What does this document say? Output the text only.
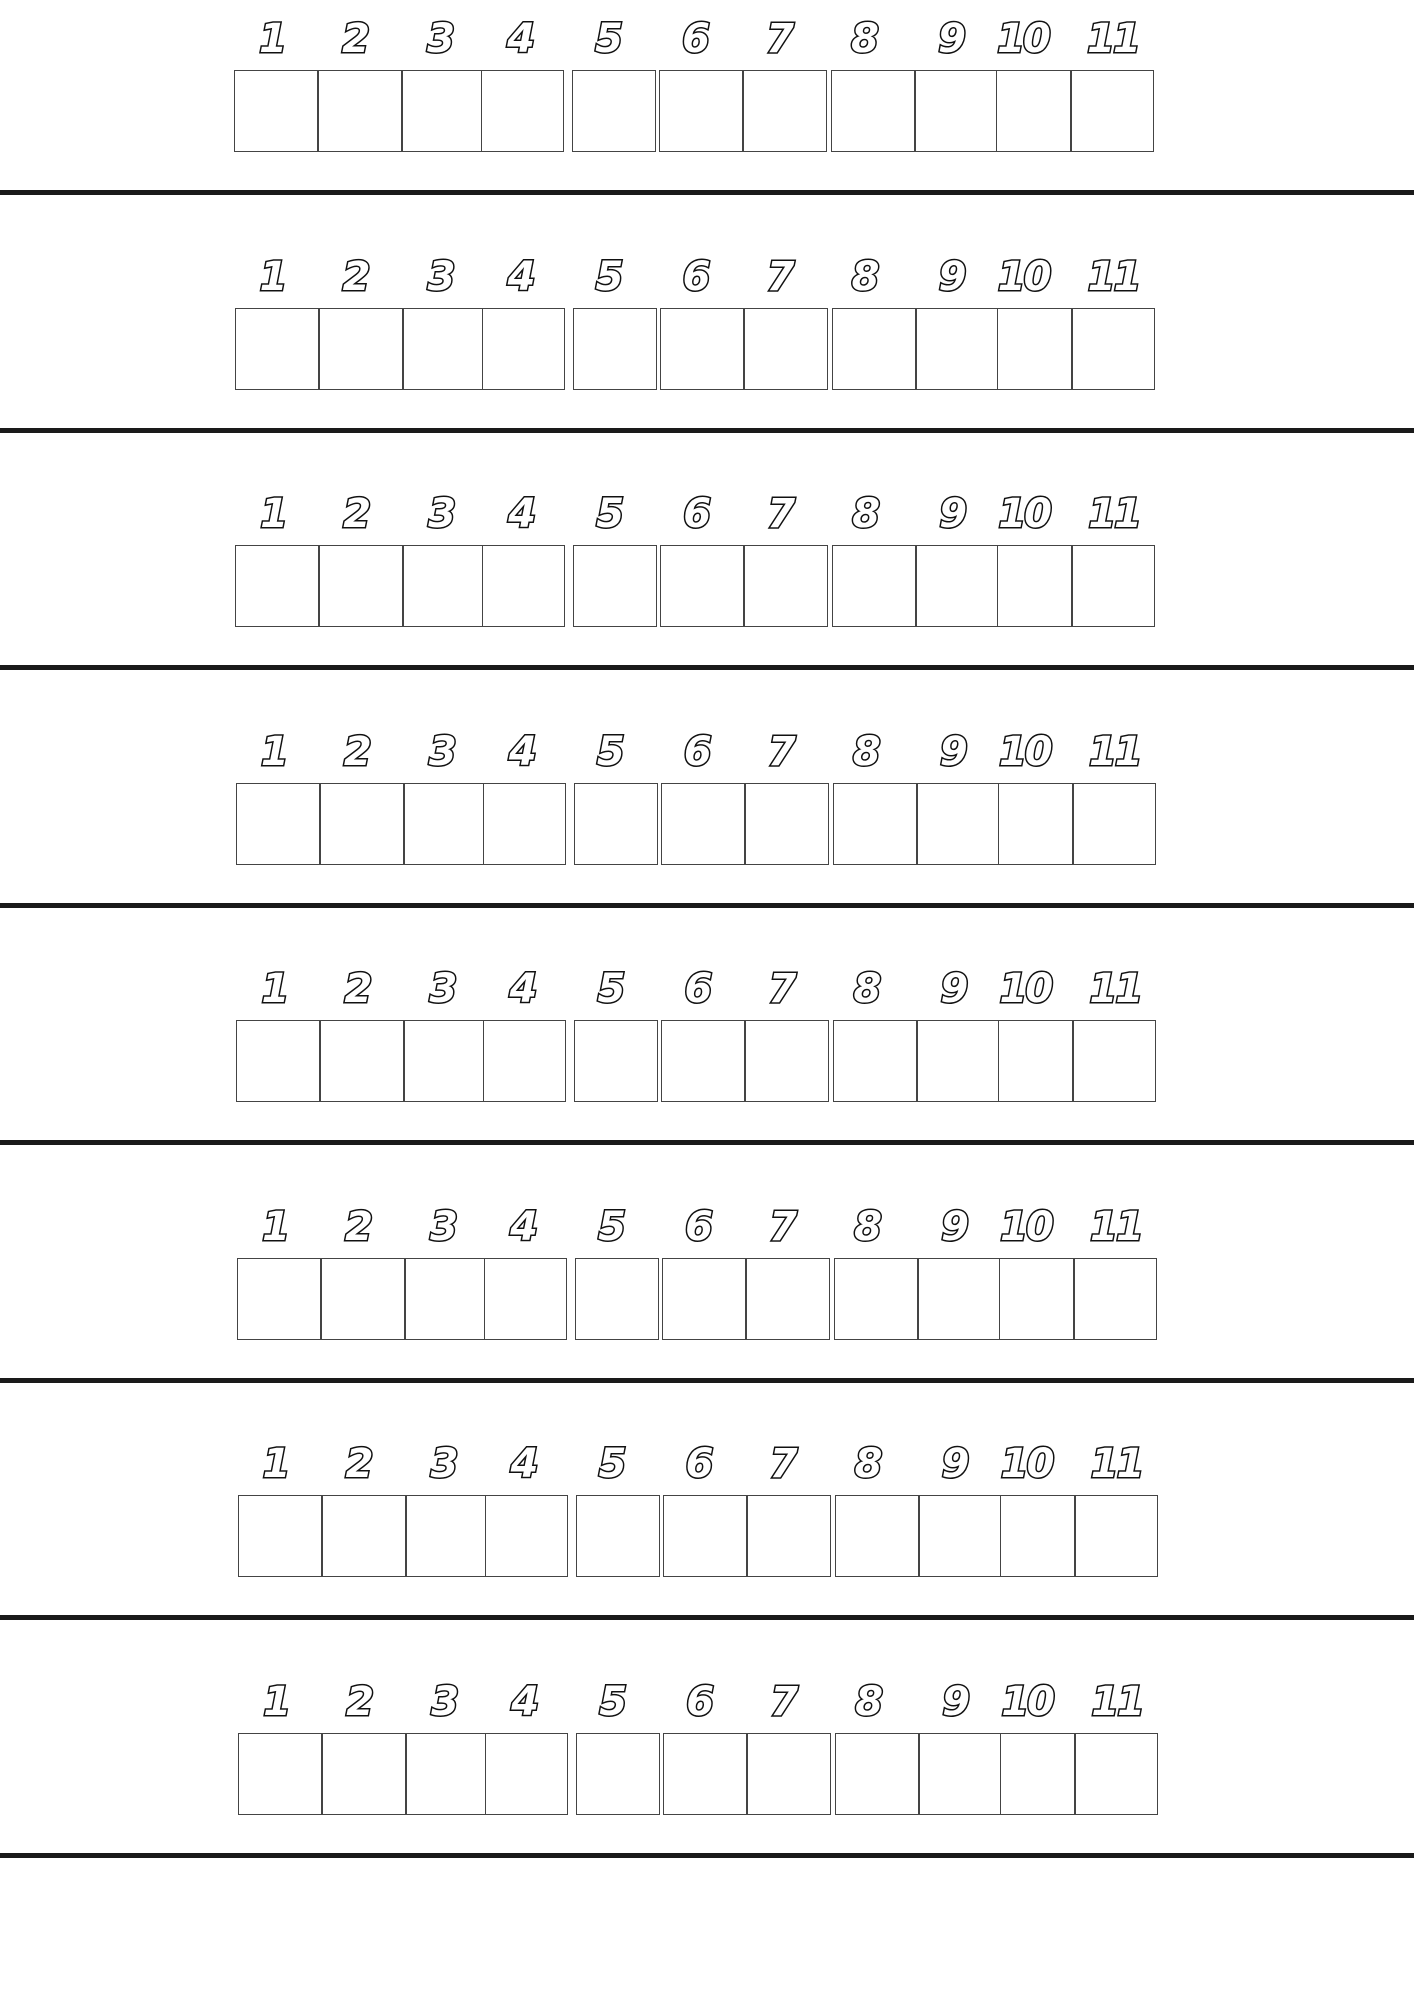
1	2	3	4	5	6	7	8	9 10 11
1	2	3	4	5	6	7	8	9 10 11
1	2	3	4	5	6	7	8	9 10 11
1	2	3	4	5	6	7	8	9 10 11
1	2	3	4	5	6	7	8	9 10 11
1	2	3	4	5	6	7	8	9 10 11
1	2	3	4	5	6	7	8	9 10 11
1	2	3	4	5	6	7	8	9 10 11
